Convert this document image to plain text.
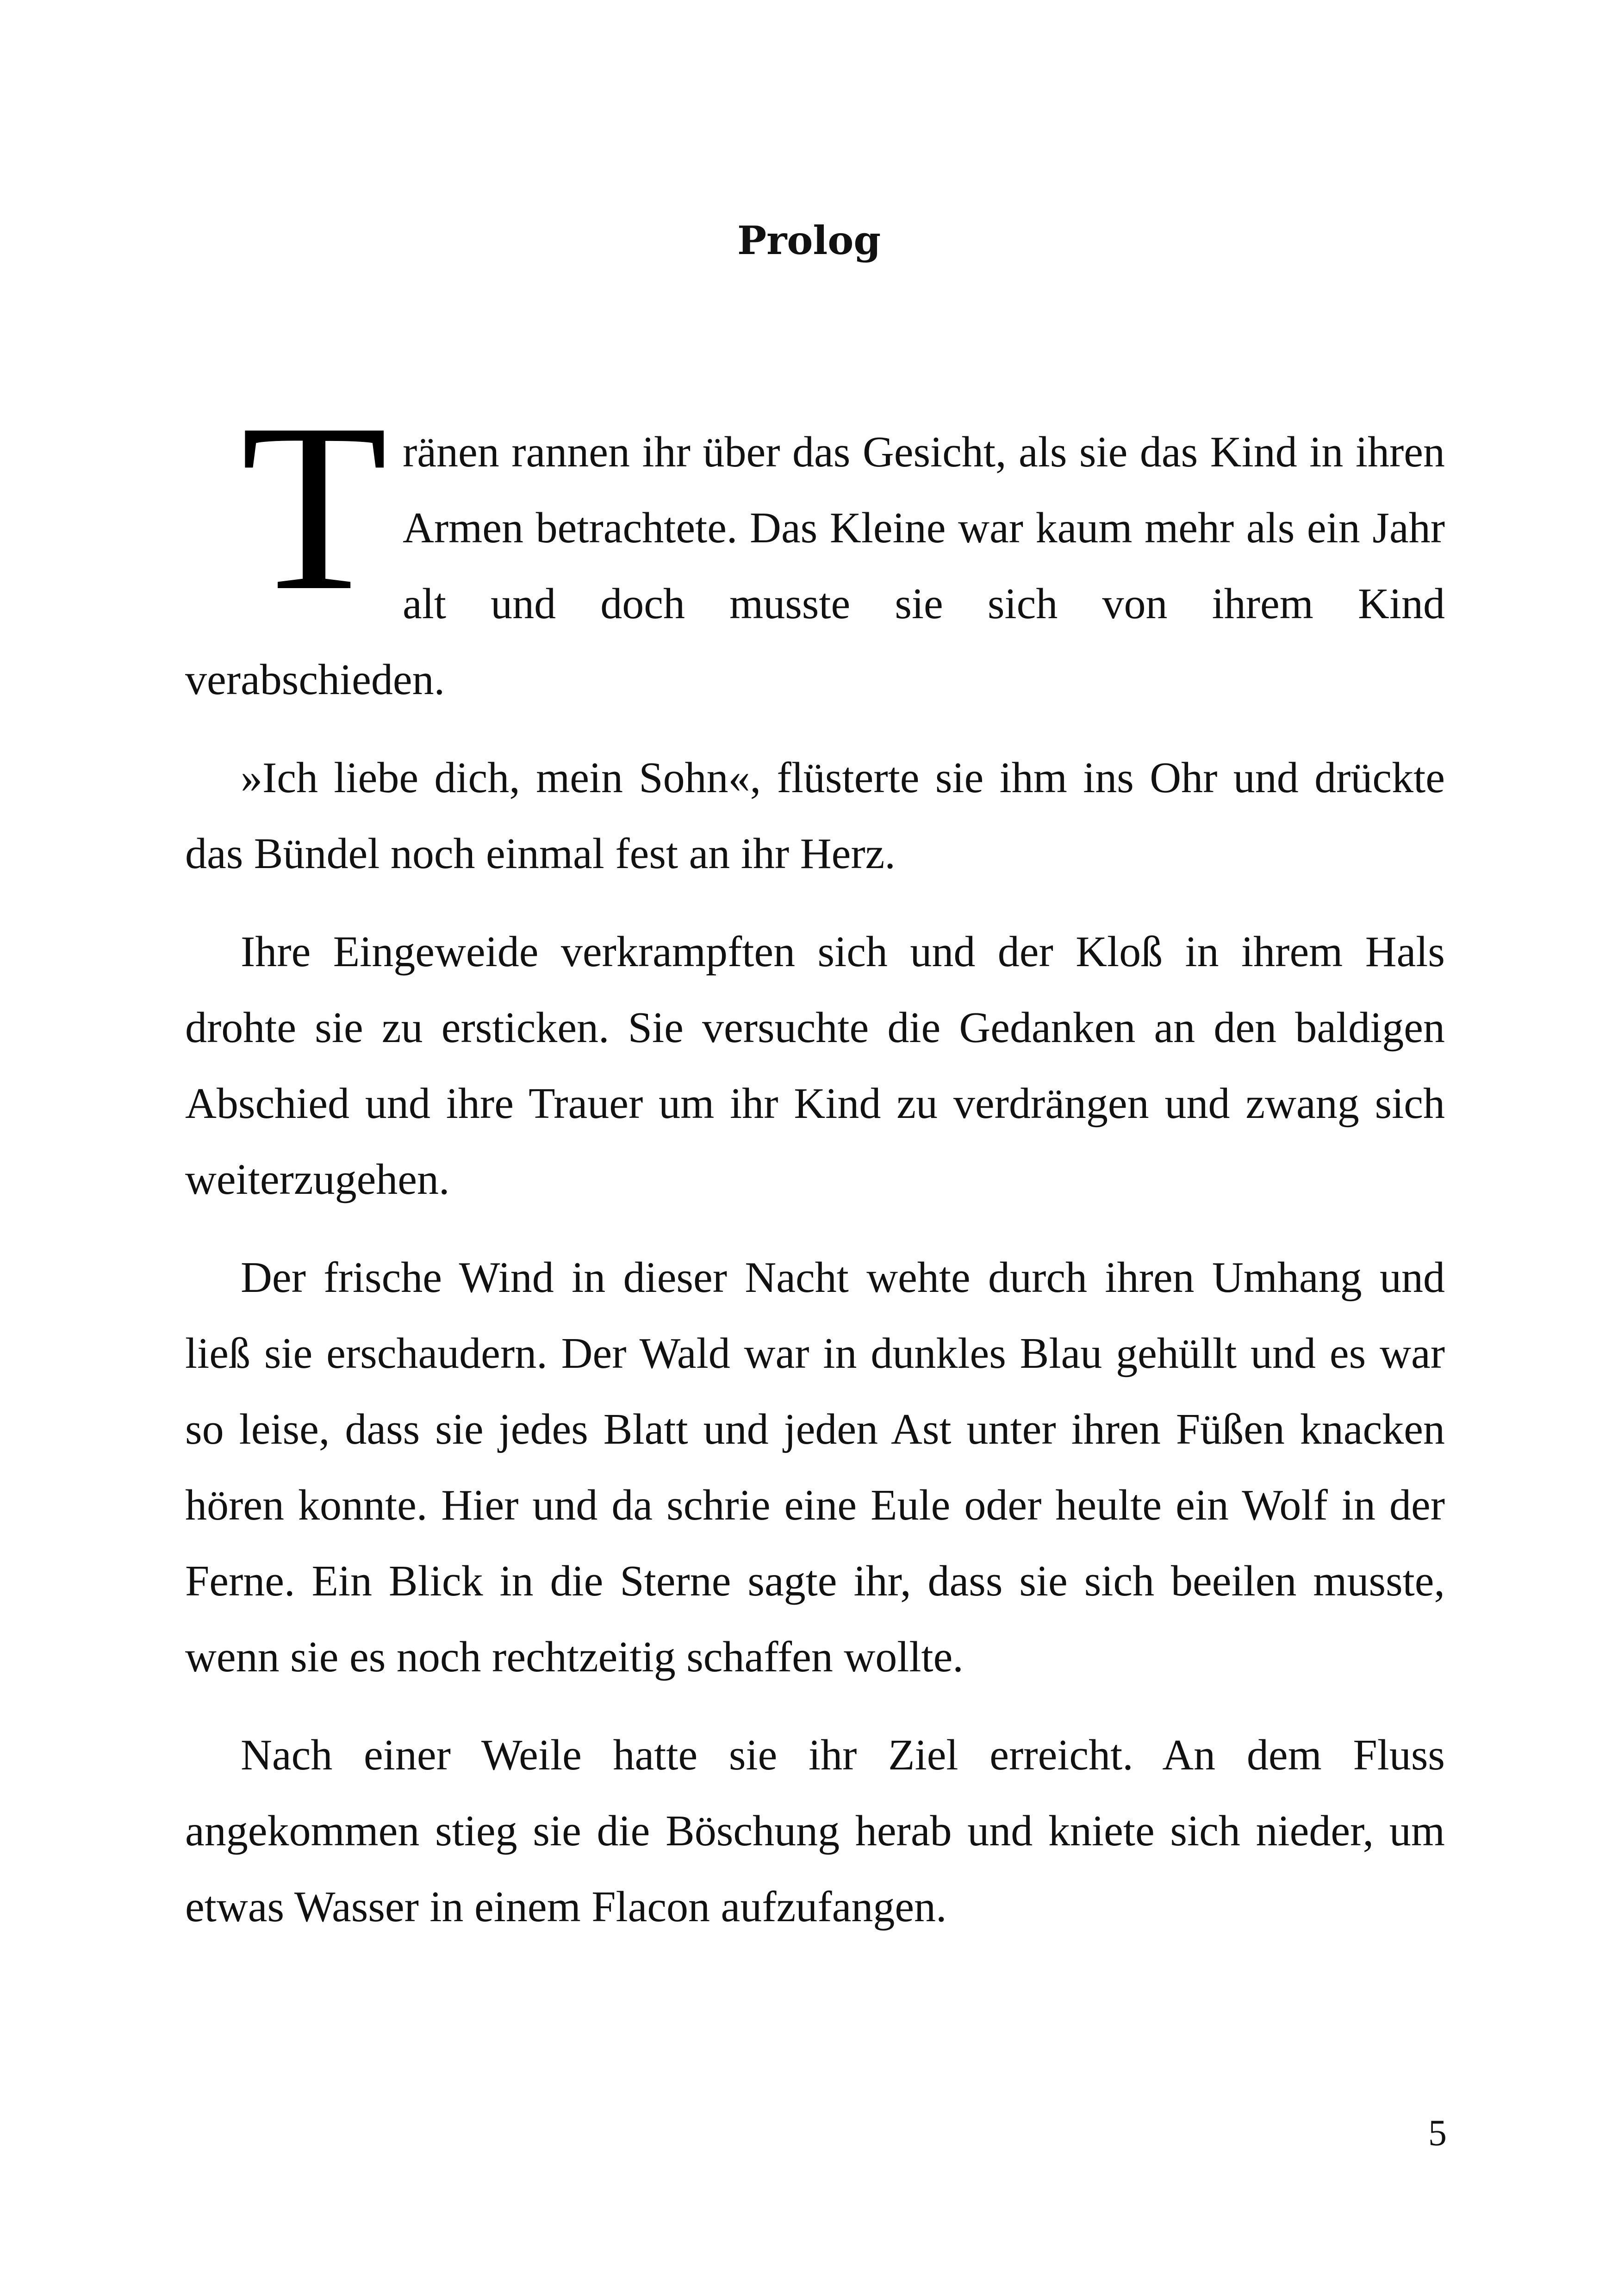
Prolog

Tränen rannen ihr über das Gesicht, als sie das Kind in ihren Armen betrachtete. Das Kleine war kaum mehr als ein Jahr alt und doch musste sie sich von ihrem Kind verabschieden.

»Ich liebe dich, mein Sohn«, flüsterte sie ihm ins Ohr und drückte das Bündel noch einmal fest an ihr Herz.

Ihre Eingeweide verkrampften sich und der Kloß in ihrem Hals drohte sie zu ersticken. Sie versuchte die Gedanken an den baldigen Abschied und ihre Trauer um ihr Kind zu verdrängen und zwang sich weiterzugehen.

Der frische Wind in dieser Nacht wehte durch ihren Umhang und ließ sie erschaudern. Der Wald war in dunkles Blau gehüllt und es war so leise, dass sie jedes Blatt und jeden Ast unter ihren Füßen knacken hören konnte. Hier und da schrie eine Eule oder heulte ein Wolf in der Ferne. Ein Blick in die Sterne sagte ihr, dass sie sich beeilen musste, wenn sie es noch rechtzeitig schaffen wollte.

Nach einer Weile hatte sie ihr Ziel erreicht. An dem Fluss angekommen stieg sie die Böschung herab und kniete sich nieder, um etwas Wasser in einem Flacon aufzufangen.

5
